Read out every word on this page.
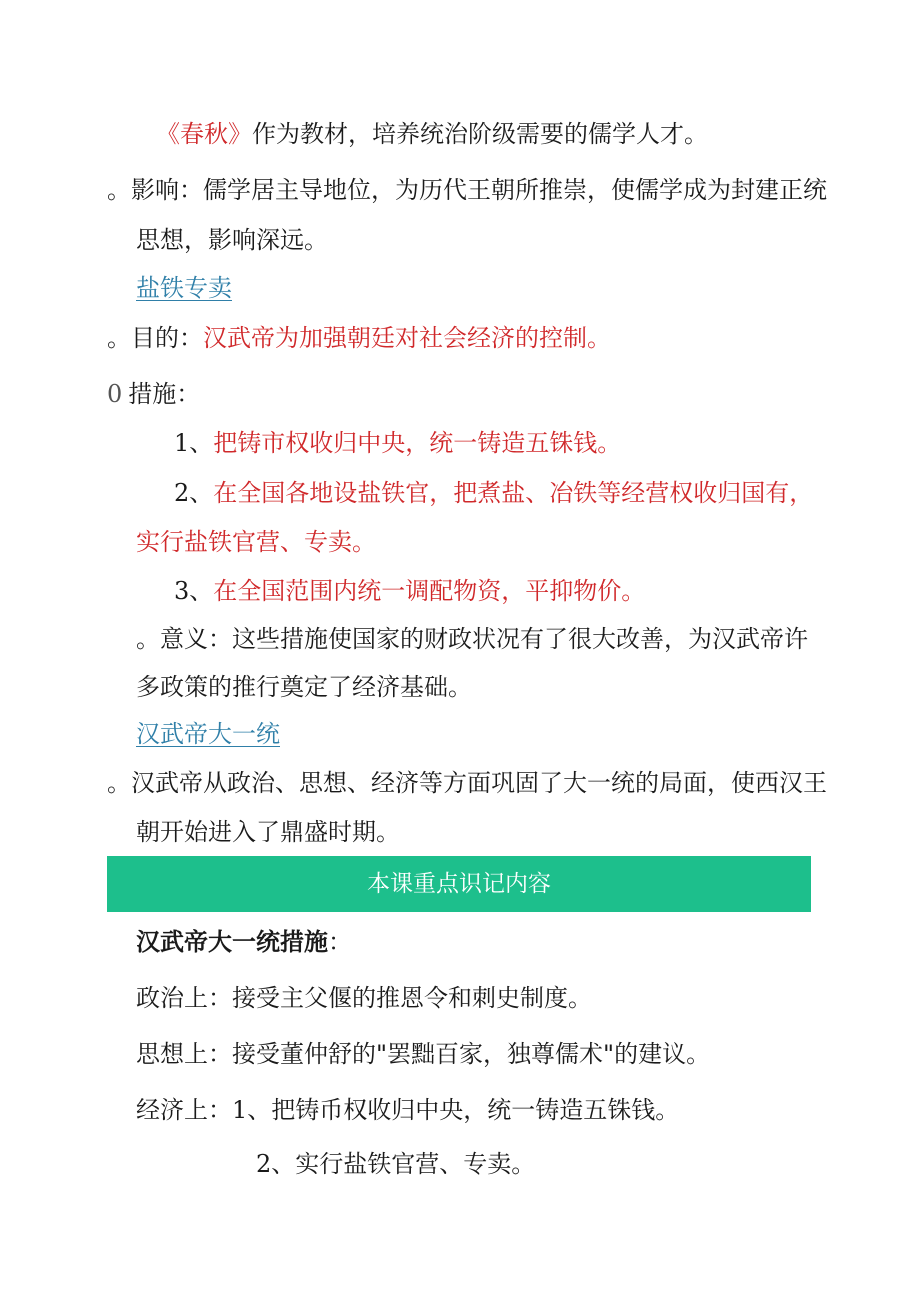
《春秋》作为教材，培养统治阶级需要的儒学人才。
。影响：儒学居主导地位，为历代王朝所推崇，使儒学成为封建正统
思想，影响深远。
盐铁专卖
。目的：汉武帝为加强朝廷对社会经济的控制。
0 措施：
1、把铸市权收归中央，统一铸造五铢钱。
2、在全国各地设盐铁官，把煮盐、冶铁等经营权收归国有，
实行盐铁官营、专卖。
3、在全国范围内统一调配物资，平抑物价。
。意义：这些措施使国家的财政状况有了很大改善，为汉武帝许
多政策的推行奠定了经济基础。
汉武帝大一统
。汉武帝从政治、思想、经济等方面巩固了大一统的局面，使西汉王
朝开始进入了鼎盛时期。
本课重点识记内容
汉武帝大一统措施：
政治上：接受主父偃的推恩令和刺史制度。
思想上：接受董仲舒的"罢黜百家，独尊儒术"的建议。
经济上：1、把铸币权收归中央，统一铸造五铢钱。
2、实行盐铁官营、专卖。
